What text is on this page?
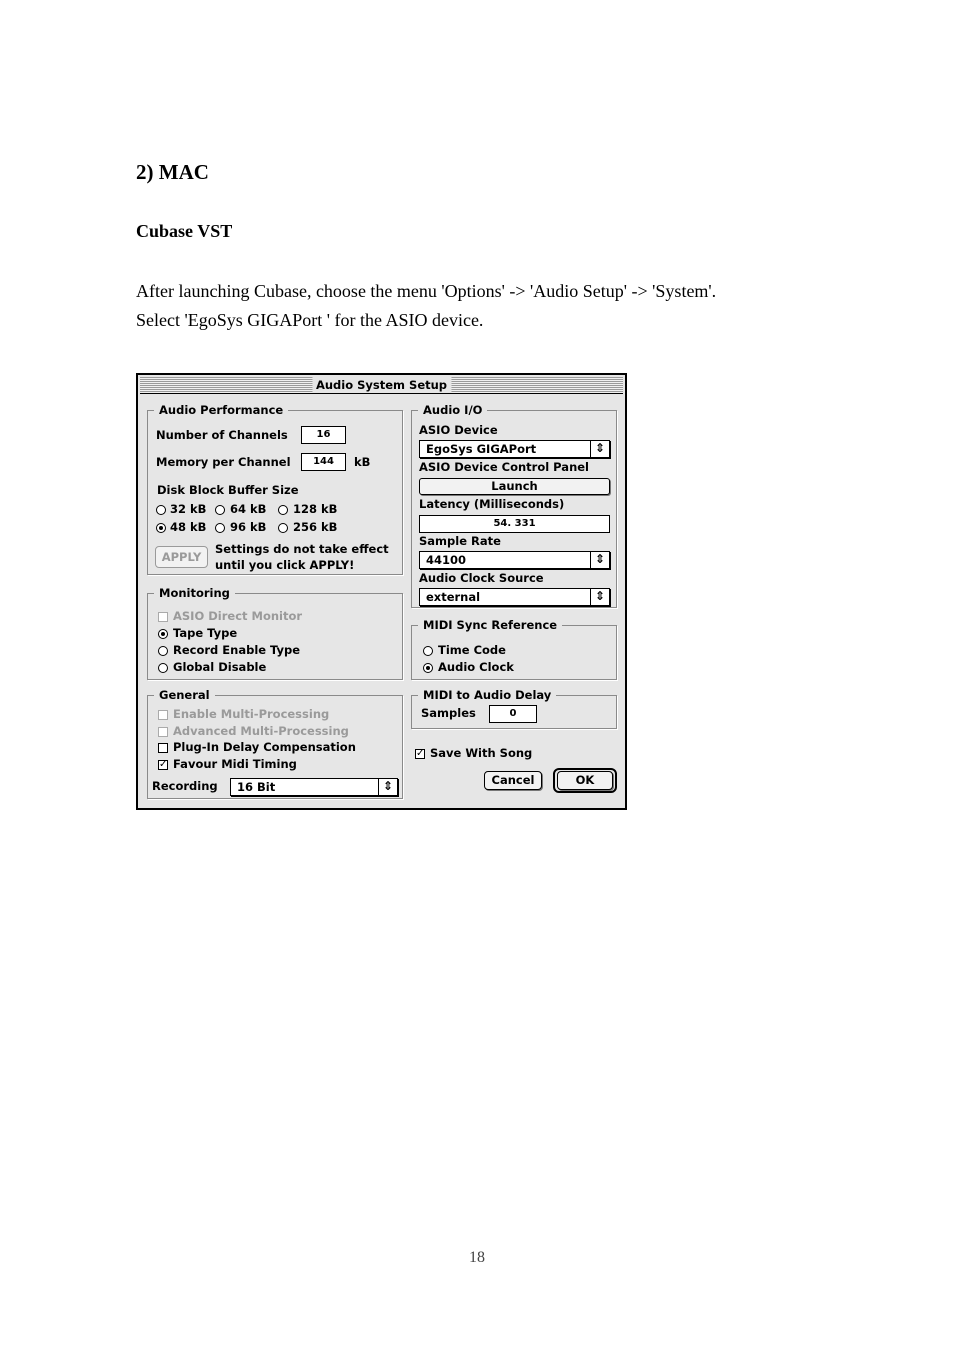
2) MAC
Cubase VST
After launching Cubase, choose the menu 'Options' -> 'Audio Setup' -> 'System'.
Select 'EgoSys GIGAPort ' for the ASIO device.
Audio System Setup
Audio Performance
Number of Channels	16
Memory per Channel	144	kB
Disk Block Buffer Size
32 kB 64 kB 128 kB
48 kB 96 kB 256 kB
APPLY
Settings do not take effect
until you click APPLY!
Monitoring
ASIO Direct Monitor
Tape Type
Record Enable Type
Global Disable
General
Enable Multi-Processing
Advanced Multi-Processing
Plug-In Delay Compensation
✓ Favour Midi Timing
Recording	16 Bit	⇕
Audio I/O
ASIO Device
EgoSys GIGAPort	⇕
ASIO Device Control Panel
Launch
Latency (Milliseconds)
54. 331
Sample Rate
44100	⇕
Audio Clock Source
external	⇕
MIDI Sync Reference
Time Code
Audio Clock
MIDI to Audio Delay
Samples	0
✓ Save With Song
Cancel	OK
18
